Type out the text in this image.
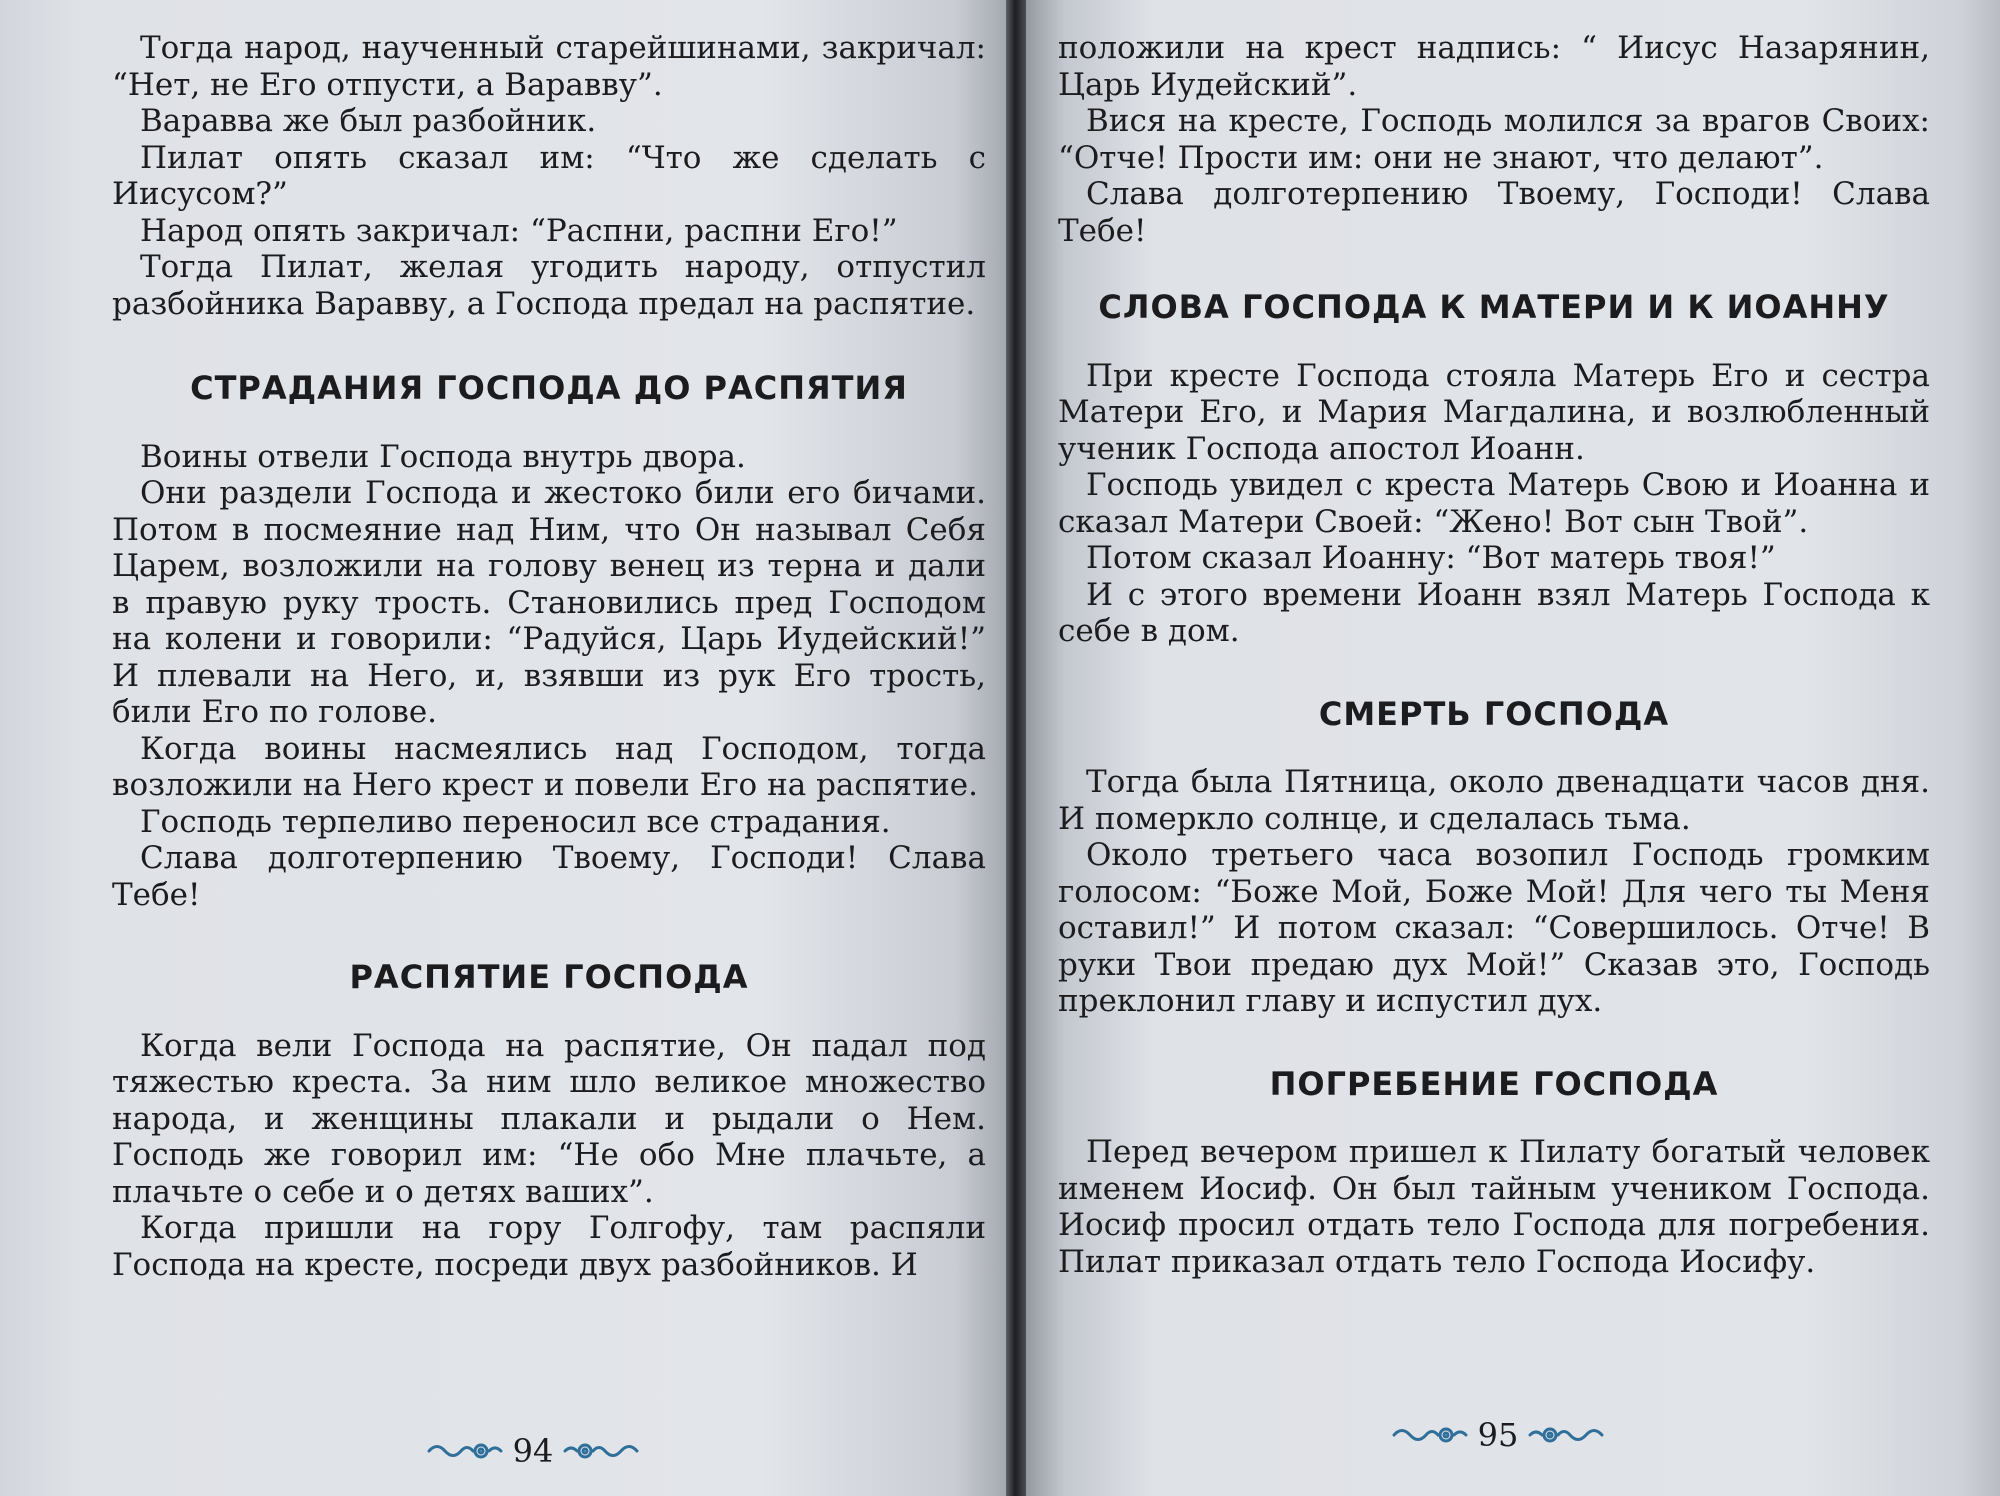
Тогда народ, наученный старейшинами, закричал: “Нет, не Его отпусти, а Варавву”.

Варавва же был разбойник.

Пилат опять сказал им: “Что же сделать с Иисусом?”

Народ опять закричал: “Распни, распни Его!”

Тогда Пилат, желая угодить народу, отпустил разбойника Варавву, а Господа предал на распятие.

СТРАДАНИЯ ГОСПОДА ДО РАСПЯТИЯ

Воины отвели Господа внутрь двора.

Они раздели Господа и жестоко били его бичами. Потом в посмеяние над Ним, что Он называл Себя Царем, возложили на голову венец из терна и дали в правую руку трость. Становились пред Господом на колени и говорили: “Радуйся, Царь Иудейский!” И плевали на Него, и, взявши из рук Его трость, били Его по голове.

Когда воины насмеялись над Господом, тогда возложили на Него крест и повели Его на распятие.

Господь терпеливо переносил все страдания.

Слава долготерпению Твоему, Господи! Слава Тебе!

РАСПЯТИЕ ГОСПОДА

Когда вели Господа на распятие, Он падал под тяжестью креста. За ним шло великое множество народа, и женщины плакали и рыдали о Нем. Господь же говорил им: “Не обо Мне плачьте, а плачьте о себе и о детях ваших”.

Когда пришли на гору Голгофу, там распяли Господа на кресте, посреди двух разбойников. И

94

положили на крест надпись: “ Иисус Назарянин, Царь Иудейский”.

Вися на кресте, Господь молился за врагов Своих: “Отче! Прости им: они не знают, что делают”.

Слава долготерпению Твоему, Господи! Слава Тебе!

СЛОВА ГОСПОДА К МАТЕРИ И К ИОАННУ

При кресте Господа стояла Матерь Его и сестра Матери Его, и Мария Магдалина, и возлюбленный ученик Господа апостол Иоанн.

Господь увидел с креста Матерь Свою и Иоанна и сказал Матери Своей: “Жено! Вот сын Твой”.

Потом сказал Иоанну: “Вот матерь твоя!”

И с этого времени Иоанн взял Матерь Господа к себе в дом.

СМЕРТЬ ГОСПОДА

Тогда была Пятница, около двенадцати часов дня. И померкло солнце, и сделалась тьма.

Около третьего часа возопил Господь громким голосом: “Боже Мой, Боже Мой! Для чего ты Меня оставил!” И потом сказал: “Совершилось. Отче! В руки Твои предаю дух Мой!” Сказав это, Господь преклонил главу и испустил дух.

ПОГРЕБЕНИЕ ГОСПОДА

Перед вечером пришел к Пилату богатый человек именем Иосиф. Он был тайным учеником Господа. Иосиф просил отдать тело Господа для погребения. Пилат приказал отдать тело Господа Иосифу.

95
